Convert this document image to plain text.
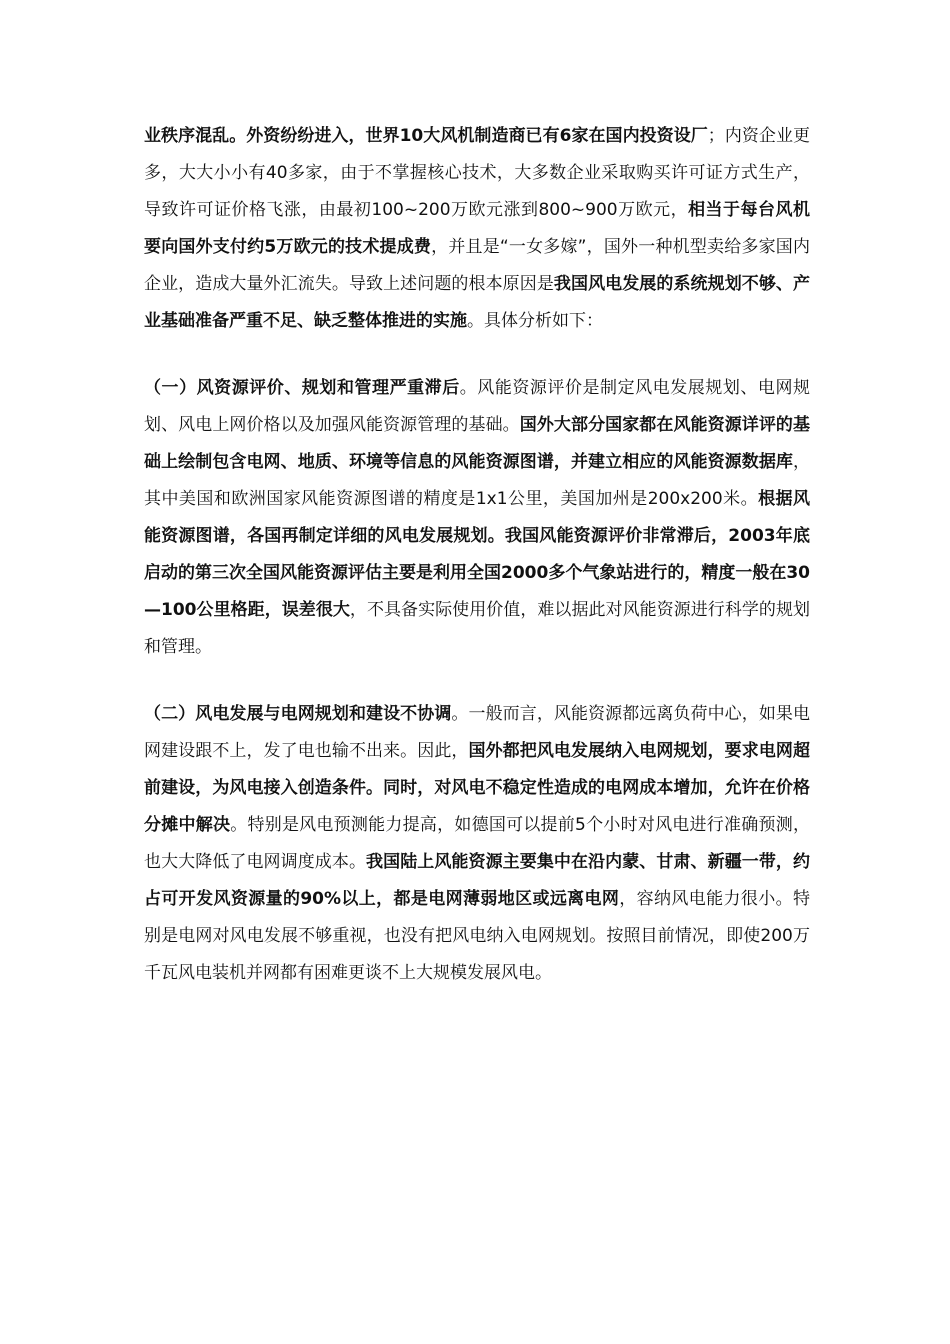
业秩序混乱。外资纷纷进入，世界10大风机制造商已有6家在国内投资设厂；内资企业更多，大大小小有40多家，由于不掌握核心技术，大多数企业采取购买许可证方式生产，导致许可证价格飞涨，由最初100~200万欧元涨到800~900万欧元，相当于每台风机要向国外支付约5万欧元的技术提成费，并且是“一女多嫁”，国外一种机型卖给多家国内企业，造成大量外汇流失。导致上述问题的根本原因是我国风电发展的系统规划不够、产业基础准备严重不足、缺乏整体推进的实施。具体分析如下：

（一）风资源评价、规划和管理严重滞后。风能资源评价是制定风电发展规划、电网规划、风电上网价格以及加强风能资源管理的基础。国外大部分国家都在风能资源详评的基础上绘制包含电网、地质、环境等信息的风能资源图谱，并建立相应的风能资源数据库，其中美国和欧洲国家风能资源图谱的精度是1x1公里，美国加州是200x200米。根据风能资源图谱，各国再制定详细的风电发展规划。我国风能资源评价非常滞后，2003年底启动的第三次全国风能资源评估主要是利用全国2000多个气象站进行的，精度一般在30—100公里格距，误差很大，不具备实际使用价值，难以据此对风能资源进行科学的规划和管理。

（二）风电发展与电网规划和建设不协调。一般而言，风能资源都远离负荷中心，如果电网建设跟不上，发了电也输不出来。因此，国外都把风电发展纳入电网规划，要求电网超前建设，为风电接入创造条件。同时，对风电不稳定性造成的电网成本增加，允许在价格分摊中解决。特别是风电预测能力提高，如德国可以提前5个小时对风电进行准确预测，也大大降低了电网调度成本。我国陆上风能资源主要集中在沿内蒙、甘肃、新疆一带，约占可开发风资源量的90%以上，都是电网薄弱地区或远离电网，容纳风电能力很小。特别是电网对风电发展不够重视，也没有把风电纳入电网规划。按照目前情况，即使200万千瓦风电装机并网都有困难更谈不上大规模发展风电。
